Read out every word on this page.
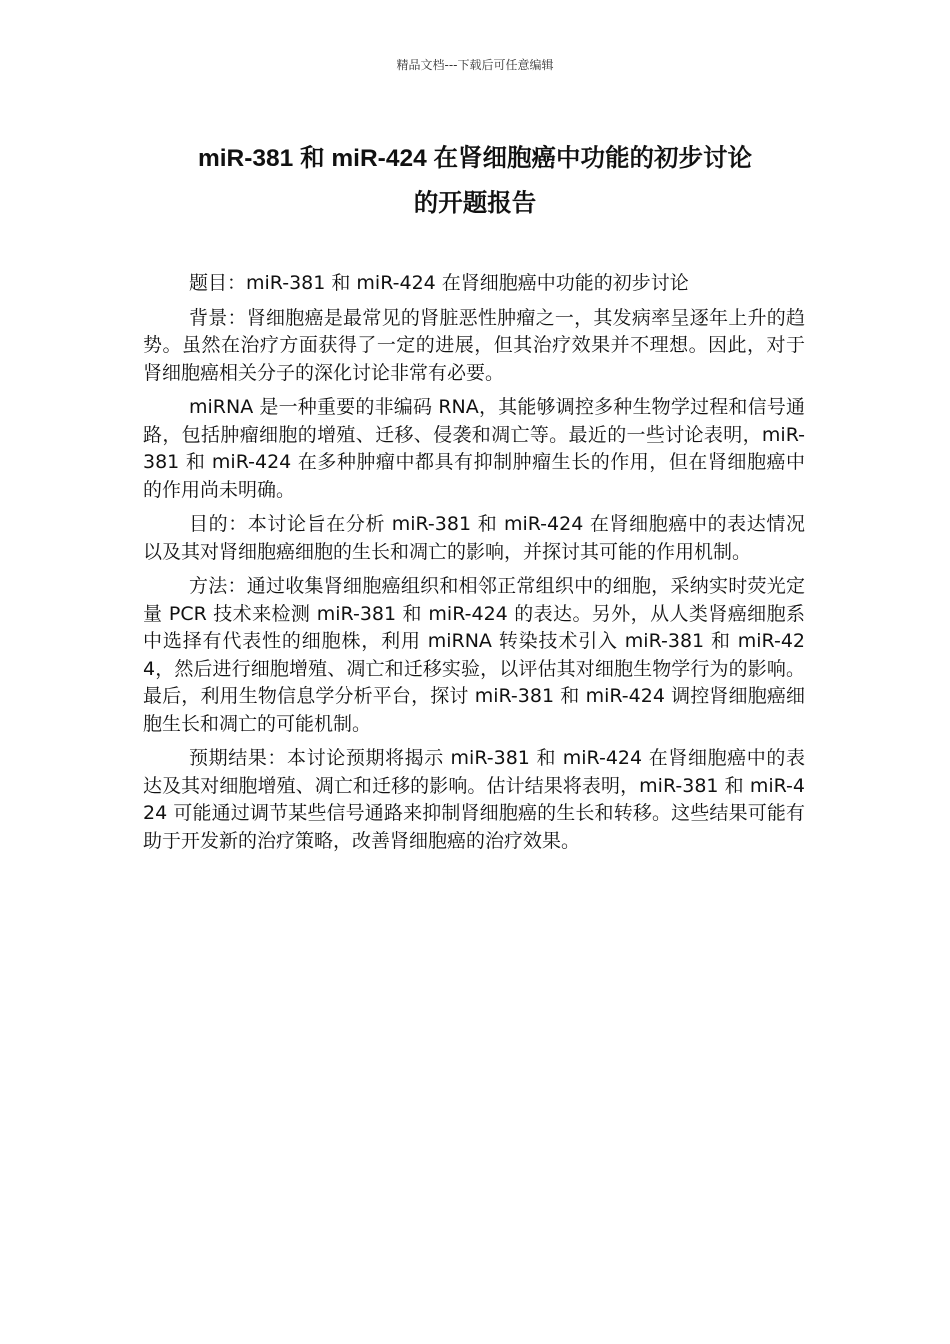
精品文档---下载后可任意编辑
miR-381 和 miR-424 在肾细胞癌中功能的初步讨论
的开题报告

题目：miR-381 和 miR-424 在肾细胞癌中功能的初步讨论

背景：肾细胞癌是最常见的肾脏恶性肿瘤之一，其发病率呈逐年上升的趋势。虽然在治疗方面获得了一定的进展，但其治疗效果并不理想。因此，对于肾细胞癌相关分子的深化讨论非常有必要。

miRNA 是一种重要的非编码 RNA，其能够调控多种生物学过程和信号通路，包括肿瘤细胞的增殖、迁移、侵袭和凋亡等。最近的一些讨论表明，miR-381 和 miR-424 在多种肿瘤中都具有抑制肿瘤生长的作用，但在肾细胞癌中的作用尚未明确。

目的：本讨论旨在分析 miR-381 和 miR-424 在肾细胞癌中的表达情况以及其对肾细胞癌细胞的生长和凋亡的影响，并探讨其可能的作用机制。

方法：通过收集肾细胞癌组织和相邻正常组织中的细胞，采纳实时荧光定量 PCR 技术来检测 miR-381 和 miR-424 的表达。另外，从人类肾癌细胞系中选择有代表性的细胞株，利用 miRNA 转染技术引入 miR-381 和 miR-424，然后进行细胞增殖、凋亡和迁移实验，以评估其对细胞生物学行为的影响。最后，利用生物信息学分析平台，探讨 miR-381 和 miR-424 调控肾细胞癌细胞生长和凋亡的可能机制。

预期结果：本讨论预期将揭示 miR-381 和 miR-424 在肾细胞癌中的表达及其对细胞增殖、凋亡和迁移的影响。估计结果将表明，miR-381 和 miR-424 可能通过调节某些信号通路来抑制肾细胞癌的生长和转移。这些结果可能有助于开发新的治疗策略，改善肾细胞癌的治疗效果。
